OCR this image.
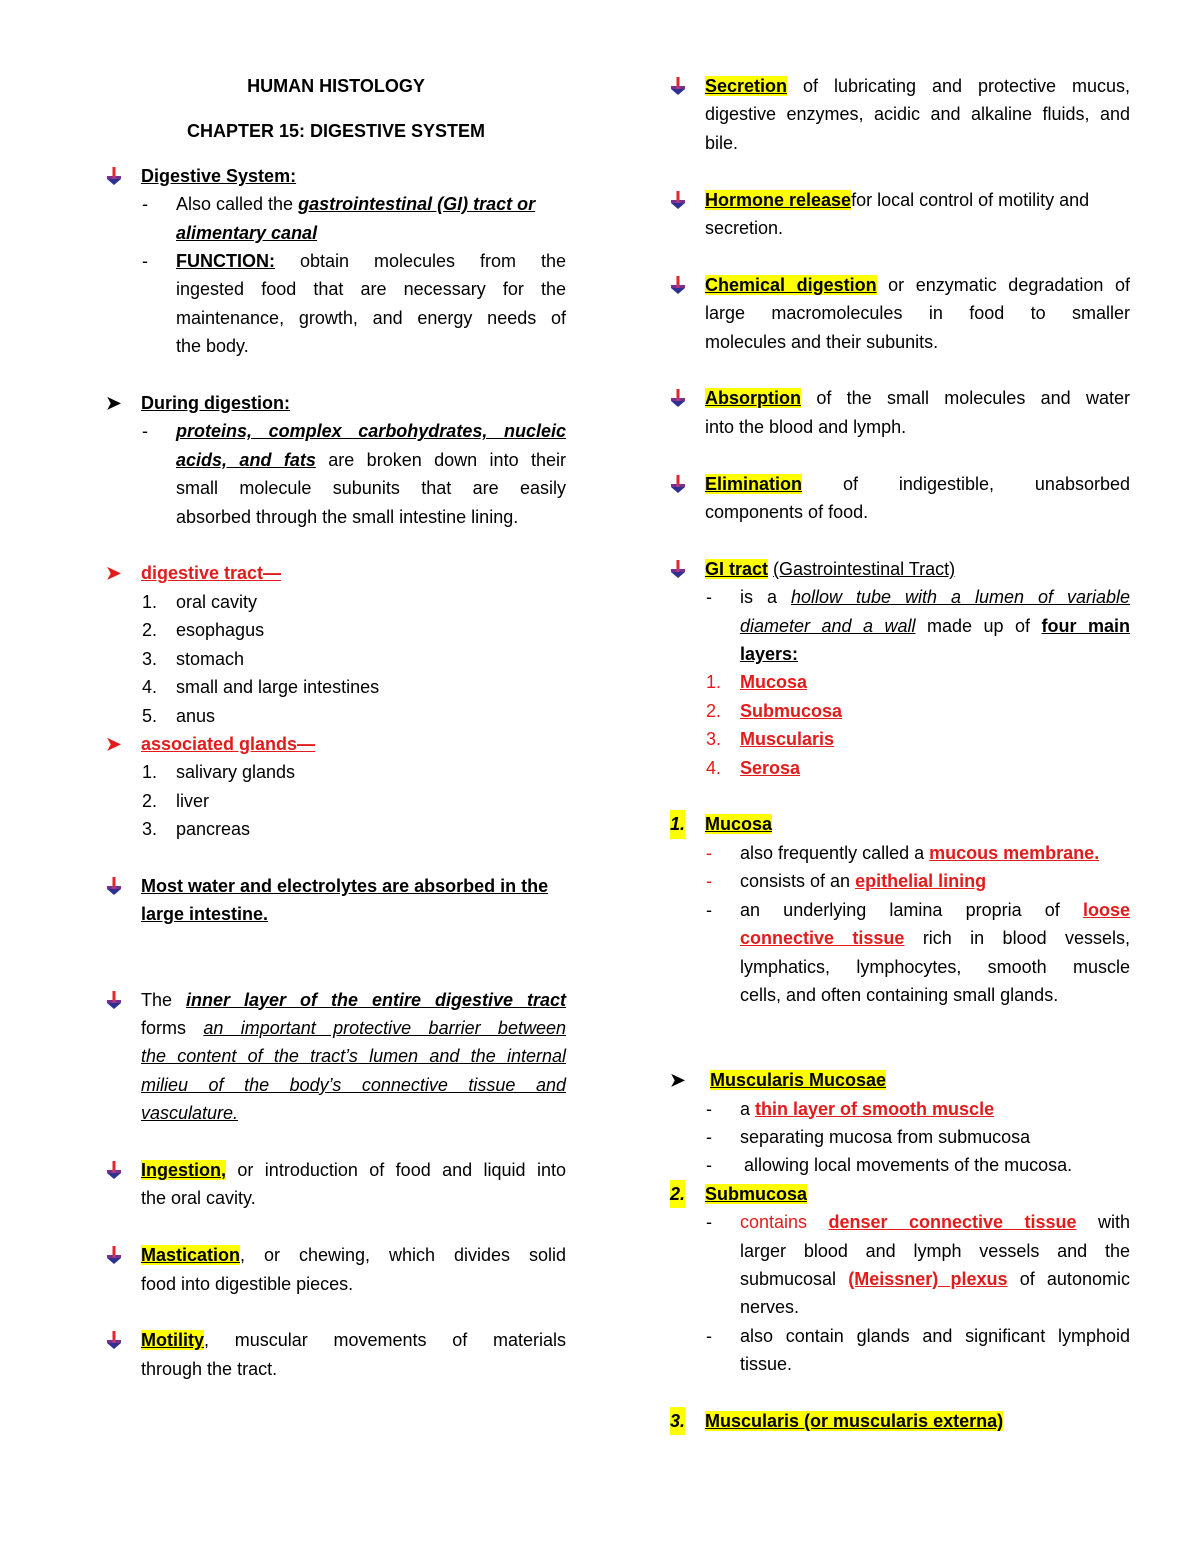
HUMAN HISTOLOGY
CHAPTER 15: DIGESTIVE SYSTEM
Digestive System:
- Also called the gastrointestinal (GI) tract or
alimentary canal
- FUNCTION: obtain molecules from the
ingested food that are necessary for the
maintenance, growth, and energy needs of
the body.
➤ During digestion:
- proteins, complex carbohydrates, nucleic
acids, and fats are broken down into their
small molecule subunits that are easily
absorbed through the small intestine lining.
➤ digestive tract—
1. oral cavity
2. esophagus
3. stomach
4. small and large intestines
5. anus
➤ associated glands—
1. salivary glands
2. liver
3. pancreas
Most water and electrolytes are absorbed in the
large intestine.
The inner layer of the entire digestive tract
forms an important protective barrier between
the content of the tract’s lumen and the internal
milieu of the body’s connective tissue and
vasculature.
Ingestion, or introduction of food and liquid into
the oral cavity.
Mastication, or chewing, which divides solid
food into digestible pieces.
Motility, muscular movements of materials
through the tract.
Secretion of lubricating and protective mucus,
digestive enzymes, acidic and alkaline fluids, and
bile.
Hormone releasefor local control of motility and
secretion.
Chemical digestion or enzymatic degradation of
large macromolecules in food to smaller
molecules and their subunits.
Absorption of the small molecules and water
into the blood and lymph.
Elimination of indigestible, unabsorbed
components of food.
GI tract (Gastrointestinal Tract)
- is a hollow tube with a lumen of variable
diameter and a wall made up of four main
layers:
1. Mucosa
2. Submucosa
3. Muscularis
4. Serosa
1. Mucosa
- also frequently called a mucous membrane.
- consists of an epithelial lining
- an underlying lamina propria of loose
connective tissue rich in blood vessels,
lymphatics, lymphocytes, smooth muscle
cells, and often containing small glands.
➤ Muscularis Mucosae
- a thin layer of smooth muscle
- separating mucosa from submucosa
- allowing local movements of the mucosa.
2. Submucosa
- contains denser connective tissue with
larger blood and lymph vessels and the
submucosal (Meissner) plexus of autonomic
nerves.
- also contain glands and significant lymphoid
tissue.
3. Muscularis (or muscularis externa)
